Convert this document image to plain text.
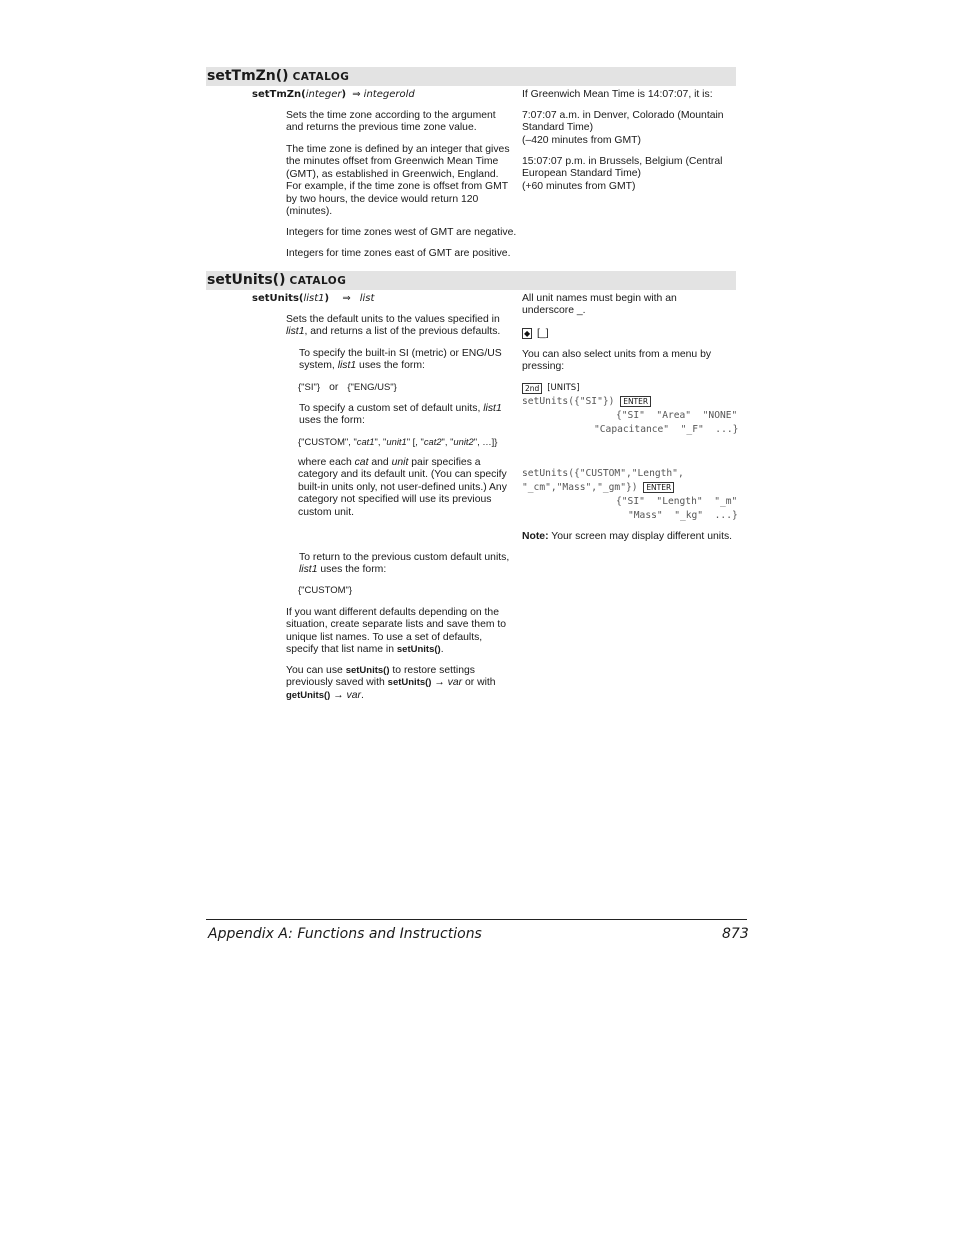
setTmZn() CATALOG
setTmZn(integer) ⇒ integerold
Sets the time zone according to the argument and returns the previous time zone value.
The time zone is defined by an integer that gives the minutes offset from Greenwich Mean Time (GMT), as established in Greenwich, England. For example, if the time zone is offset from GMT by two hours, the device would return 120 (minutes).
Integers for time zones west of GMT are negative.
Integers for time zones east of GMT are positive.
If Greenwich Mean Time is 14:07:07, it is:
7:07:07 a.m. in Denver, Colorado (Mountain Standard Time)
(–420 minutes from GMT)
15:07:07 p.m. in Brussels, Belgium (Central European Standard Time)
(+60 minutes from GMT)
setUnits() CATALOG
setUnits(list1) ⇒ list
Sets the default units to the values specified in list1, and returns a list of the previous defaults.
To specify the built-in SI (metric) or ENG/US system, list1 uses the form:
{"SI"} or {"ENG/US"}
To specify a custom set of default units, list1 uses the form:
{"CUSTOM", "cat1", "unit1" [, "cat2", "unit2", …]}
where each cat and unit pair specifies a category and its default unit. (You can specify built-in units only, not user-defined units.) Any category not specified will use its previous custom unit.
To return to the previous custom default units, list1 uses the form:
{"CUSTOM"}
If you want different defaults depending on the situation, create separate lists and save them to unique list names. To use a set of defaults, specify that list name in setUnits().
You can use setUnits() to restore settings previously saved with setUnits() → var or with getUnits() → var.
All unit names must begin with an underscore _.
◆ [_]
You can also select units from a menu by pressing:
2nd [UNITS]
setUnits({"SI"}) ENTER
{"SI"  "Area"  "NONE"
"Capacitance"  "_F"  ...}
setUnits({"CUSTOM","Length",
"_cm","Mass","_gm"}) ENTER
{"SI"  "Length"  "_m"
"Mass"  "_kg"  ...}
Note: Your screen may display different units.
Appendix A: Functions and Instructions	873
